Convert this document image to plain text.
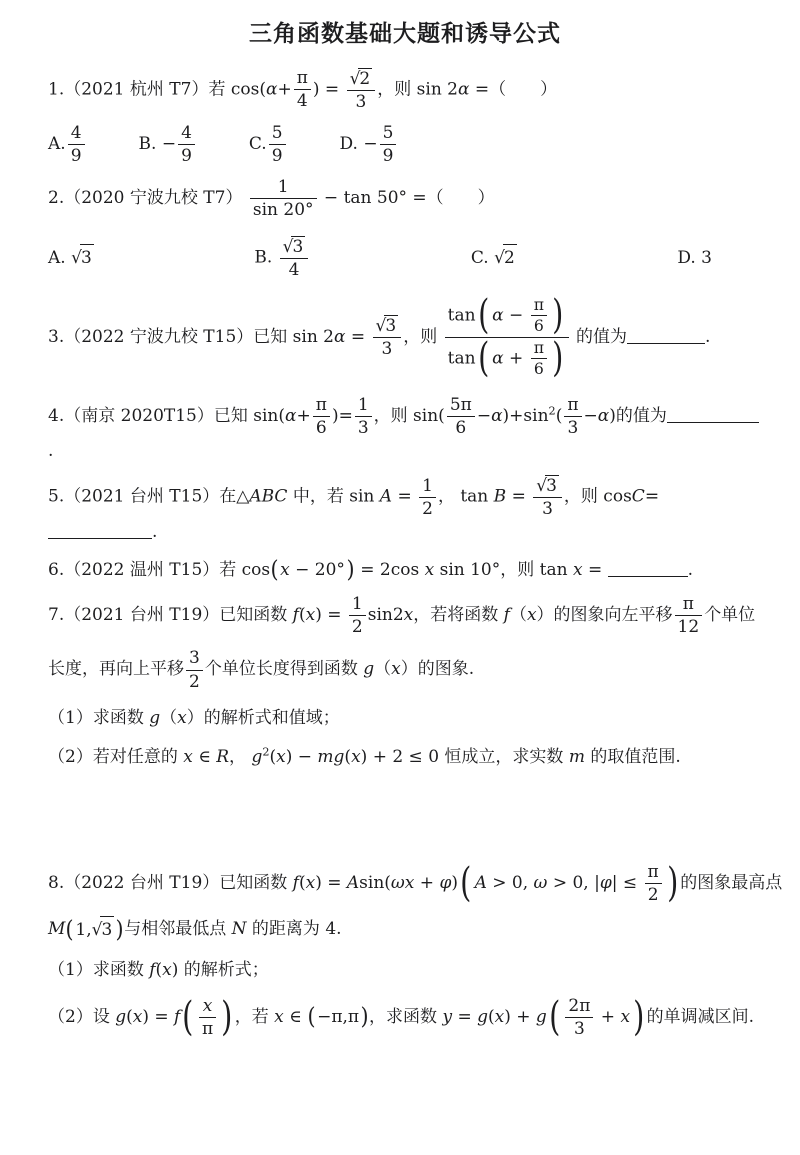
三角函数基础大题和诱导公式
1.（2021 杭州 T7）若 $\cos(\alpha+ \frac{\pi}{4}$ ) = $\frac{√2}{3}$ ，则 sin 2α =（　　）
A. $\frac{4}{9}$	B. − $\frac{4}{9}$	C. $\frac{5}{9}$	D. − $\frac{5}{9}$
2.（2020 宁波九校 $T7) \frac{1}{\sin 20^\circ} - \tan 50^\circ$ =（　　）
A. √3	B. $\frac{√3}{4}$	C. √2	D. 3
3.（2022 宁波九校 T15）已知 $\sin 2\alpha = \frac{√3}{3}$ ，则 $\frac{\tan ( \alpha - \frac{\pi}{6} )}{\tan ( \alpha + \frac{\pi}{6} )}$ 的值为	.
4.（南京 2020T15）已知 $\sin(\alpha+ \frac{\pi}{6}$ )= $\frac{1}{3}$ ，则 $\sin( \frac{5\pi}{6} -\alpha)+\sin^2( \frac{\pi}{3} -\alpha)$的值为.
5.（2021 台州 T15）在△ABC 中，若 $\sin A = \frac{1}{2}$ ， $\tan B = \frac{√3}{3}$ ，则 cosC=.
6.（2022 温州 T15）若 cos ( x − 20° ) = 2cos x sin 10°，则 tan x =	.
7.（2021 台州 T19）已知函数 $f(x) = \frac{1}{2} \sin 2x$，若将函数 f（x）的图象向左平移 $\frac{\pi}{12}$ 个单位
长度，再向上平移 $\frac{3}{2}$ 个单位长度得到函数 g（x）的图象.
（1）求函数 g（x）的解析式和值域；
（2）若对任意的 x ∈ R， $g^2(x) - mg(x) + 2 \le 0$ 恒成立，求实数 m 的取值范围.
8.（2022 台州 T19）已知函数 f(x) = Asin(ωx + φ) ( A > 0, ω > 0, $|\varphi| \le \frac{\pi}{2}$ ) 的图象最高点
M ( 1,√3 ) 与相邻最低点 N 的距离为 4.
（1）求函数 f(x) 的解析式；
（2）设 g(x) = f ( $\frac{x}{\pi}$ ) ，若 x ∈ ( −π,π ) ，求函数 y = g(x) + g ( $\frac{2\pi}{3} + x$ ) 的单调减区间.
